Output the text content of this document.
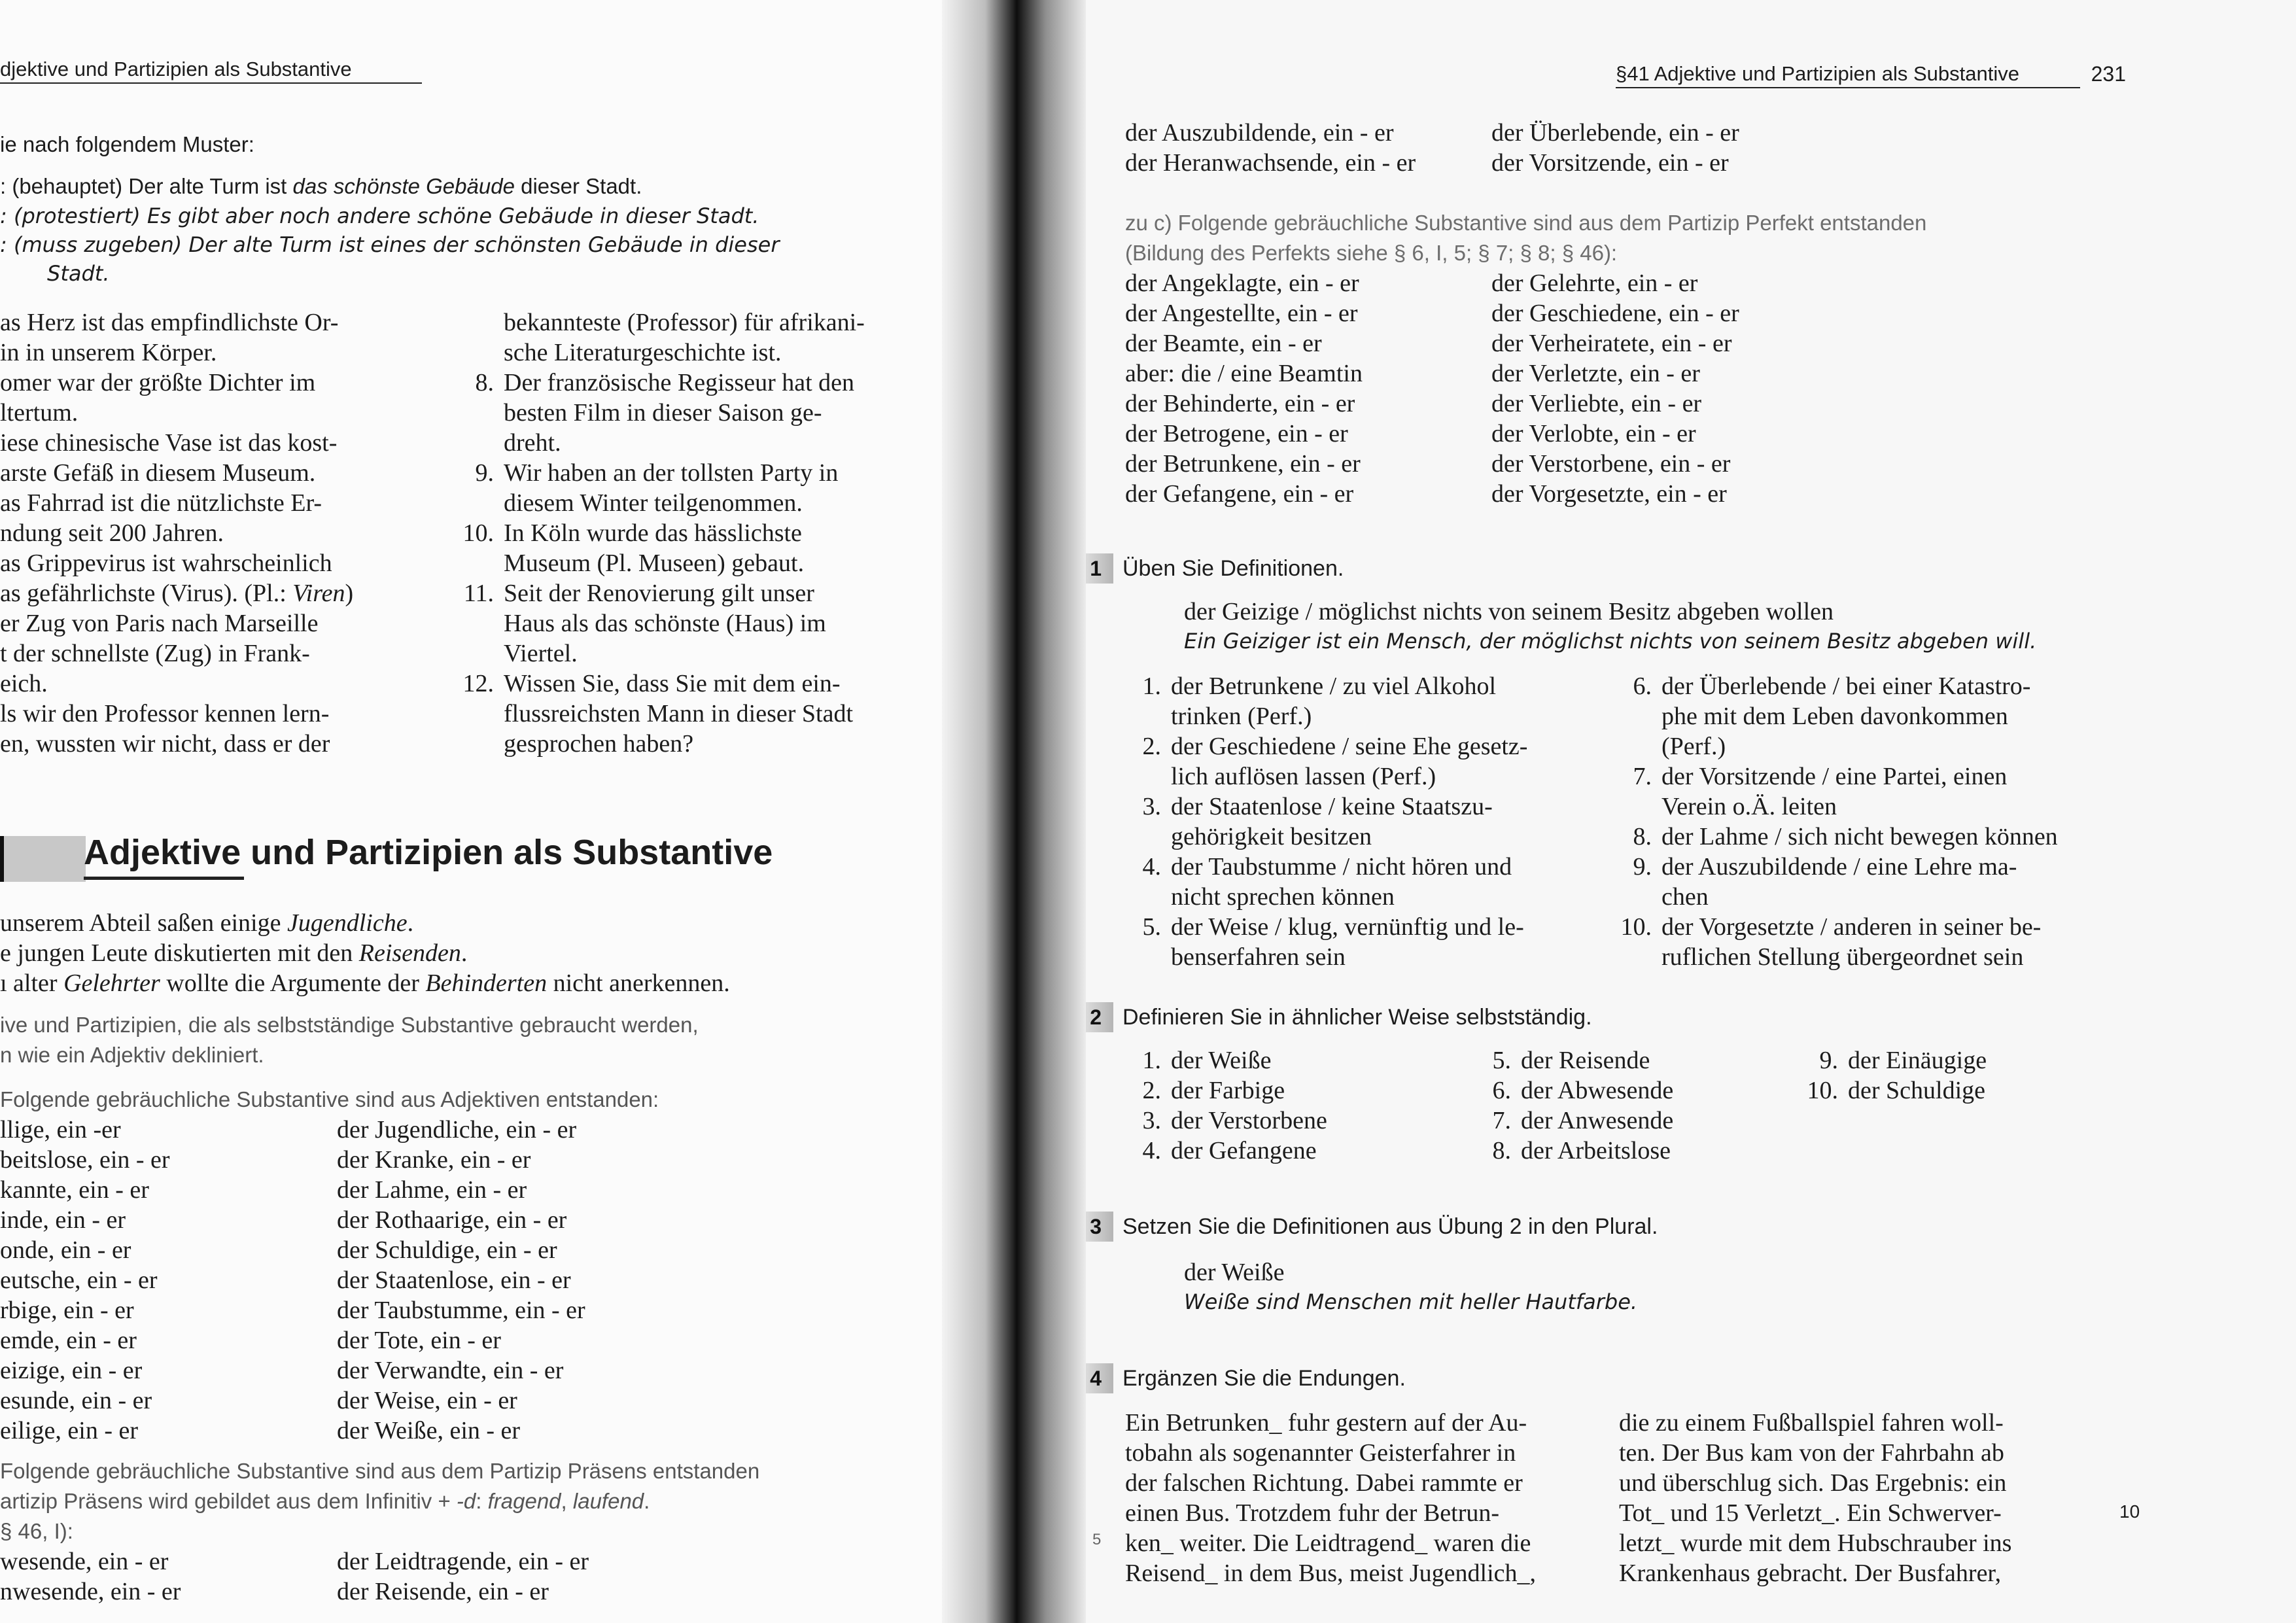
djektive und Partizipien als Substantive
ie nach folgendem Muster:
: (behauptet) Der alte Turm ist das schönste Gebäude dieser Stadt.
: (protestiert) Es gibt aber noch andere schöne Gebäude in dieser Stadt.
: (muss zugeben) Der alte Turm ist eines der schönsten Gebäude in dieser
Stadt.
as Herz ist das empfindlichste Or-
in in unserem Körper.
omer war der größte Dichter im
ltertum.
iese chinesische Vase ist das kost-
arste Gefäß in diesem Museum.
as Fahrrad ist die nützlichste Er-
ndung seit 200 Jahren.
as Grippevirus ist wahrscheinlich
as gefährlichste (Virus). (Pl.: Viren)
er Zug von Paris nach Marseille
t der schnellste (Zug) in Frank-
eich.
ls wir den Professor kennen lern-
en, wussten wir nicht, dass er der
bekannteste (Professor) für afrikani-
sche Literaturgeschichte ist.
8. Der französische Regisseur hat den
besten Film in dieser Saison ge-
dreht.
9. Wir haben an der tollsten Party in
diesem Winter teilgenommen.
10. In Köln wurde das hässlichste
Museum (Pl. Museen) gebaut.
11. Seit der Renovierung gilt unser
Haus als das schönste (Haus) im
Viertel.
12. Wissen Sie, dass Sie mit dem ein-
flussreichsten Mann in dieser Stadt
gesprochen haben?
Adjektive und Partizipien als Substantive
unserem Abteil saßen einige Jugendliche.
e jungen Leute diskutierten mit den Reisenden.
ı alter Gelehrter wollte die Argumente der Behinderten nicht anerkennen.
ive und Partizipien, die als selbstständige Substantive gebraucht werden,
n wie ein Adjektiv dekliniert.
Folgende gebräuchliche Substantive sind aus Adjektiven entstanden:
llige, ein -er	der Jugendliche, ein - er
beitslose, ein - er	der Kranke, ein - er
kannte, ein - er	der Lahme, ein - er
inde, ein - er	der Rothaarige, ein - er
onde, ein - er	der Schuldige, ein - er
eutsche, ein - er	der Staatenlose, ein - er
rbige, ein - er	der Taubstumme, ein - er
emde, ein - er	der Tote, ein - er
eizige, ein - er	der Verwandte, ein - er
esunde, ein - er	der Weise, ein - er
eilige, ein - er	der Weiße, ein - er
Folgende gebräuchliche Substantive sind aus dem Partizip Präsens entstanden
artizip Präsens wird gebildet aus dem Infinitiv + -d: fragend, laufend.
§ 46, I):
wesende, ein - er	der Leidtragende, ein - er
nwesende, ein - er	der Reisende, ein - er
§41 Adjektive und Partizipien als Substantive	231
der Auszubildende, ein - er	der Überlebende, ein - er
der Heranwachsende, ein - er	der Vorsitzende, ein - er
zu c) Folgende gebräuchliche Substantive sind aus dem Partizip Perfekt entstanden
(Bildung des Perfekts siehe § 6, I, 5; § 7; § 8; § 46):
der Angeklagte, ein - er	der Gelehrte, ein - er
der Angestellte, ein - er	der Geschiedene, ein - er
der Beamte, ein - er	der Verheiratete, ein - er
aber: die / eine Beamtin	der Verletzte, ein - er
der Behinderte, ein - er	der Verliebte, ein - er
der Betrogene, ein - er	der Verlobte, ein - er
der Betrunkene, ein - er	der Verstorbene, ein - er
der Gefangene, ein - er	der Vorgesetzte, ein - er
1 Üben Sie Definitionen.
der Geizige / möglichst nichts von seinem Besitz abgeben wollen
Ein Geiziger ist ein Mensch, der möglichst nichts von seinem Besitz abgeben will.
1. der Betrunkene / zu viel Alkohol
trinken (Perf.)
2. der Geschiedene / seine Ehe gesetz-
lich auflösen lassen (Perf.)
3. der Staatenlose / keine Staatszu-
gehörigkeit besitzen
4. der Taubstumme / nicht hören und
nicht sprechen können
5. der Weise / klug, vernünftig und le-
benserfahren sein
6. der Überlebende / bei einer Katastro-
phe mit dem Leben davonkommen
(Perf.)
7. der Vorsitzende / eine Partei, einen
Verein o.Ä. leiten
8. der Lahme / sich nicht bewegen können
9. der Auszubildende / eine Lehre ma-
chen
10. der Vorgesetzte / anderen in seiner be-
ruflichen Stellung übergeordnet sein
2 Definieren Sie in ähnlicher Weise selbstständig.
1. der Weiße
2. der Farbige
3. der Verstorbene
4. der Gefangene
5. der Reisende
6. der Abwesende
7. der Anwesende
8. der Arbeitslose
9. der Einäugige
10. der Schuldige
3 Setzen Sie die Definitionen aus Übung 2 in den Plural.
der Weiße
Weiße sind Menschen mit heller Hautfarbe.
4 Ergänzen Sie die Endungen.
Ein Betrunken_ fuhr gestern auf der Au-
tobahn als sogenannter Geisterfahrer in
der falschen Richtung. Dabei rammte er
einen Bus. Trotzdem fuhr der Betrun-
ken_ weiter. Die Leidtragend_ waren die
Reisend_ in dem Bus, meist Jugendlich_,
die zu einem Fußballspiel fahren woll-
ten. Der Bus kam von der Fahrbahn ab
und überschlug sich. Das Ergebnis: ein
Tot_ und 15 Verletzt_. Ein Schwerver-
letzt_ wurde mit dem Hubschrauber ins
Krankenhaus gebracht. Der Busfahrer,
5
10
